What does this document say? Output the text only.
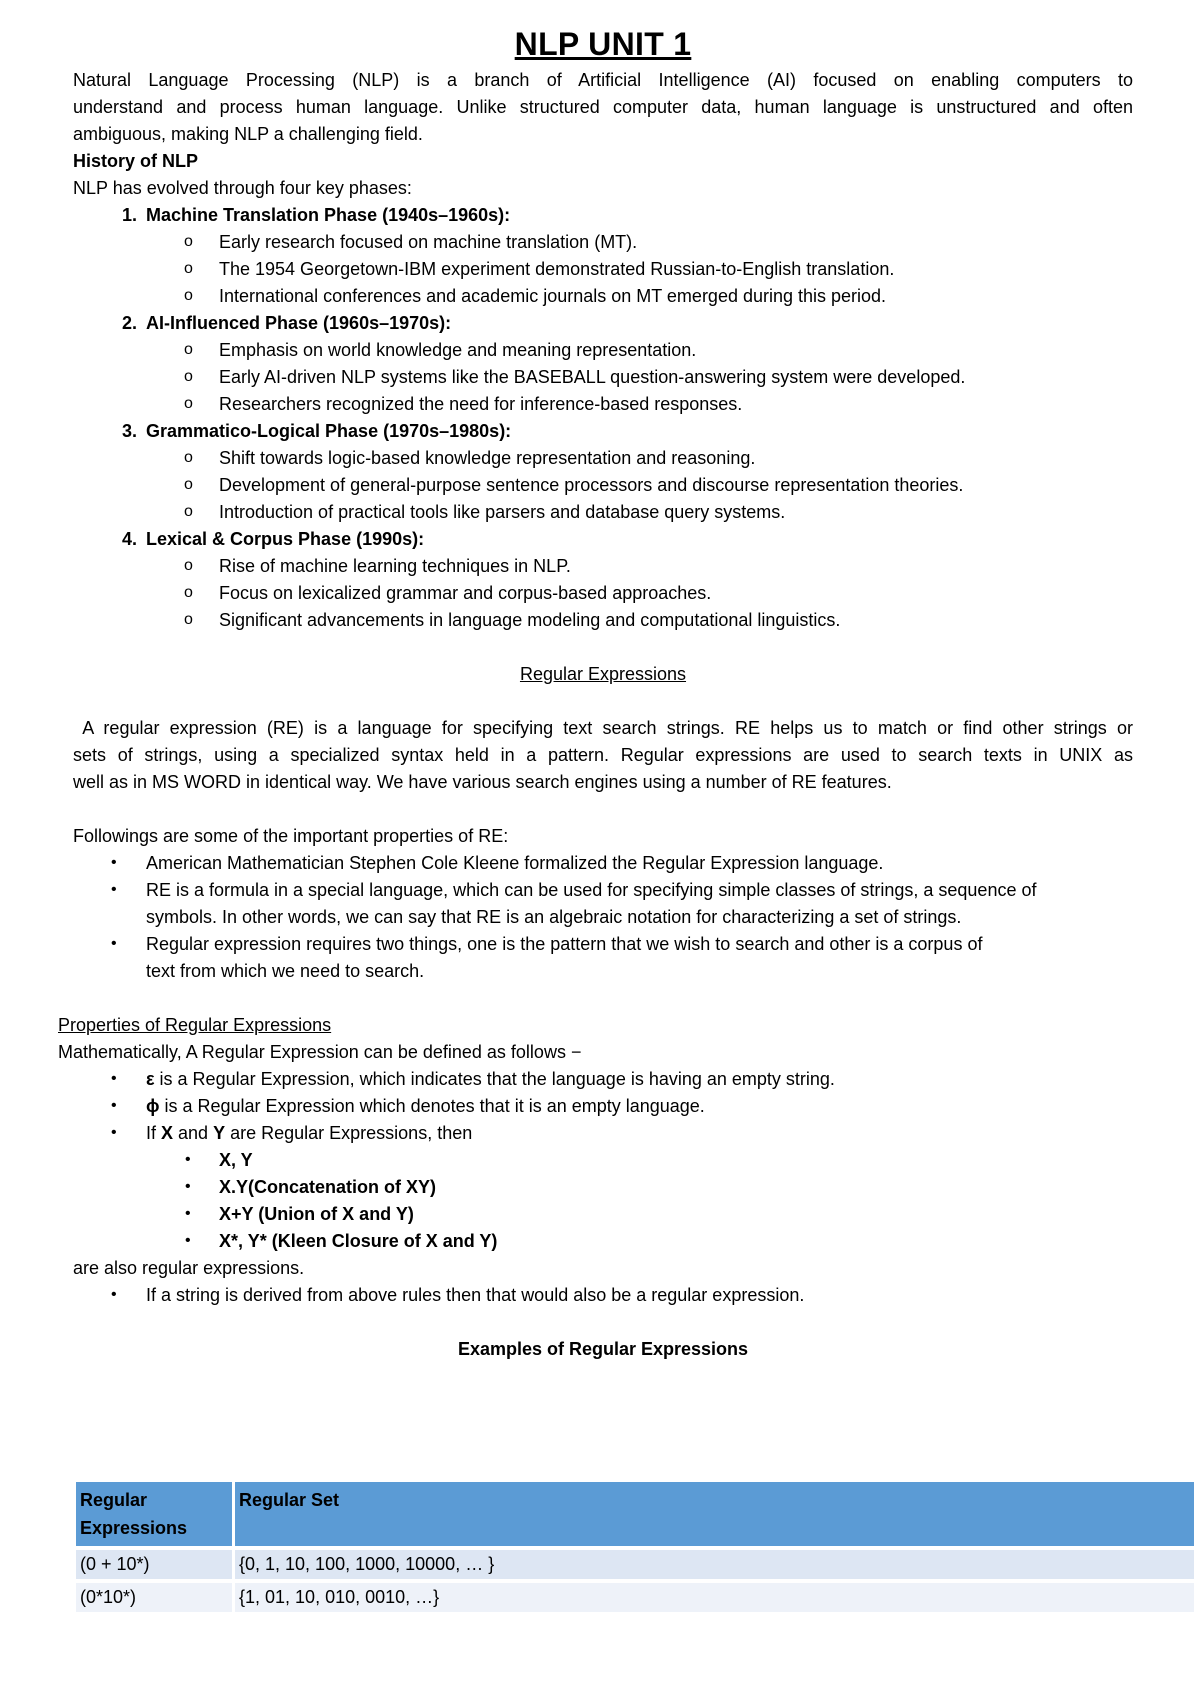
NLP UNIT 1
Natural Language Processing (NLP) is a branch of Artificial Intelligence (AI) focused on enabling computers to
understand and process human language. Unlike structured computer data, human language is unstructured and often
ambiguous, making NLP a challenging field.
History of NLP
NLP has evolved through four key phases:
1. Machine Translation Phase (1940s–1960s):
o Early research focused on machine translation (MT).
o The 1954 Georgetown-IBM experiment demonstrated Russian-to-English translation.
o International conferences and academic journals on MT emerged during this period.
2. AI-Influenced Phase (1960s–1970s):
o Emphasis on world knowledge and meaning representation.
o Early AI-driven NLP systems like the BASEBALL question-answering system were developed.
o Researchers recognized the need for inference-based responses.
3. Grammatico-Logical Phase (1970s–1980s):
o Shift towards logic-based knowledge representation and reasoning.
o Development of general-purpose sentence processors and discourse representation theories.
o Introduction of practical tools like parsers and database query systems.
4. Lexical & Corpus Phase (1990s):
o Rise of machine learning techniques in NLP.
o Focus on lexicalized grammar and corpus-based approaches.
o Significant advancements in language modeling and computational linguistics.
Regular Expressions
A regular expression (RE) is a language for specifying text search strings. RE helps us to match or find other strings or
sets of strings, using a specialized syntax held in a pattern. Regular expressions are used to search texts in UNIX as
well as in MS WORD in identical way. We have various search engines using a number of RE features.
Followings are some of the important properties of RE:
• American Mathematician Stephen Cole Kleene formalized the Regular Expression language.
• RE is a formula in a special language, which can be used for specifying simple classes of strings, a sequence of
symbols. In other words, we can say that RE is an algebraic notation for characterizing a set of strings.
• Regular expression requires two things, one is the pattern that we wish to search and other is a corpus of
text from which we need to search.
Properties of Regular Expressions
Mathematically, A Regular Expression can be defined as follows −
• ε is a Regular Expression, which indicates that the language is having an empty string.
• ϕ is a Regular Expression which denotes that it is an empty language.
• If X and Y are Regular Expressions, then
• X, Y
• X.Y(Concatenation of XY)
• X+Y (Union of X and Y)
• X*, Y* (Kleen Closure of X and Y)
are also regular expressions.
• If a string is derived from above rules then that would also be a regular expression.
Examples of Regular Expressions
Regular
Expressions	Regular Set
(0 + 10*)	{0, 1, 10, 100, 1000, 10000, … }
(0*10*)	{1, 01, 10, 010, 0010, …}
